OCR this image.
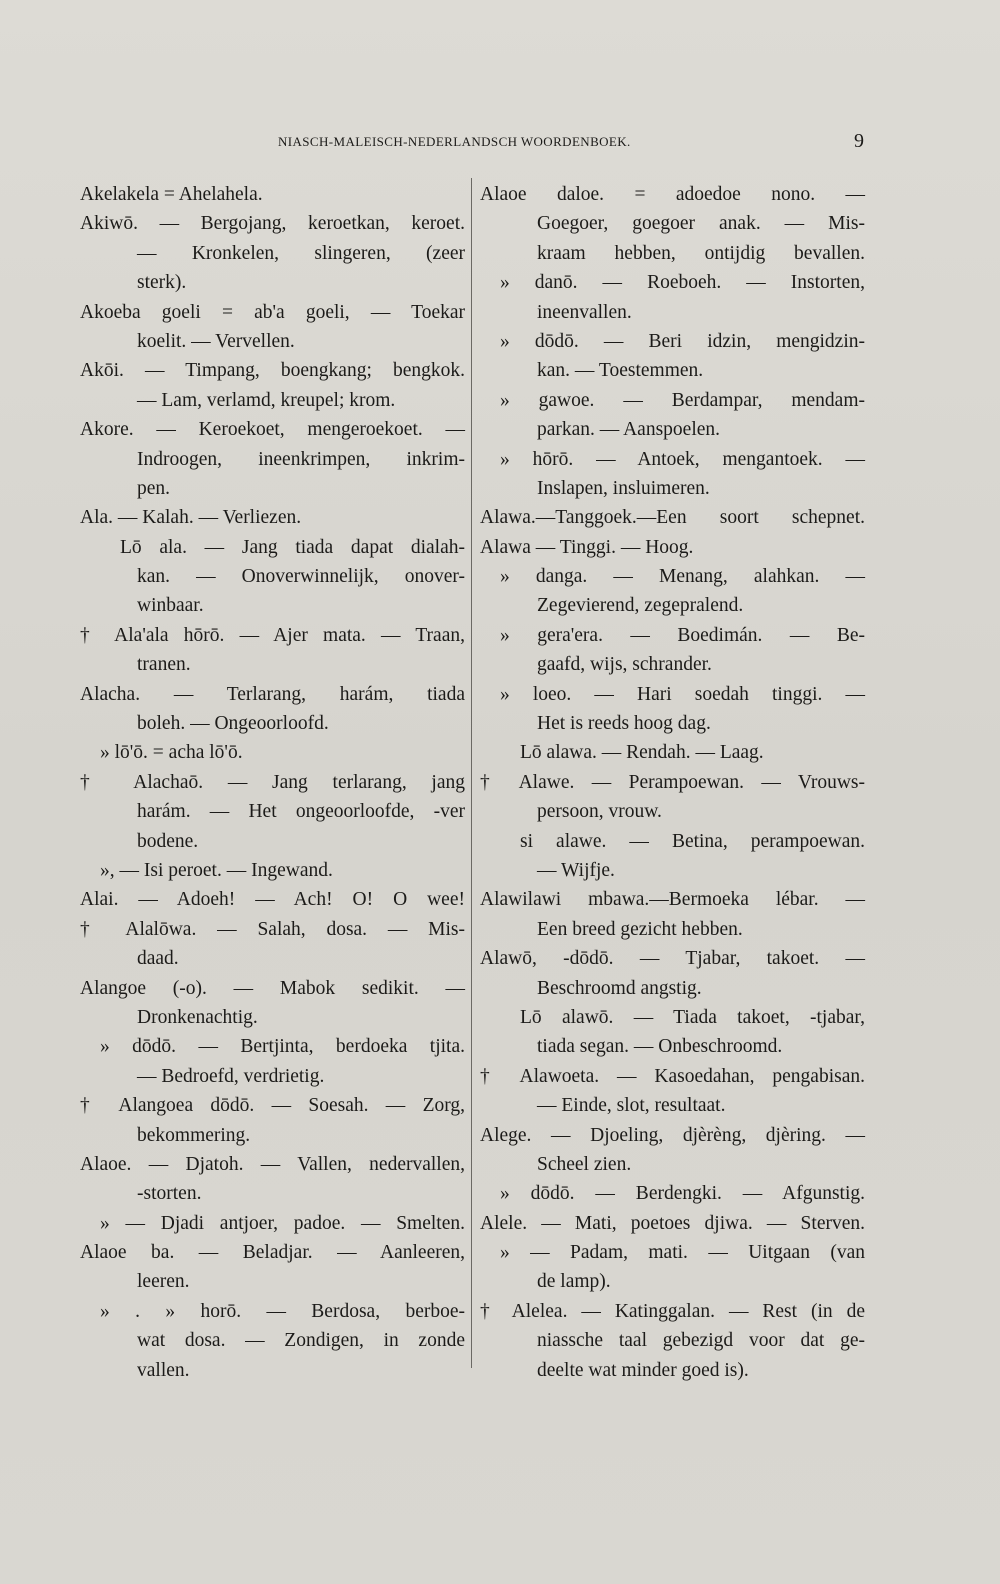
NIASCH-MALEISCH-NEDERLANDSCH WOORDENBOEK.	9
Akelakela = Ahelahela.
Akiwō. — Bergojang, keroetkan, keroet.
— Kronkelen, slingeren, (zeer
sterk).
Akoeba goeli = ab'a goeli, — Toekar
koelit. — Vervellen.
Akōi. — Timpang, boengkang; bengkok.
— Lam, verlamd, kreupel; krom.
Akore. — Keroekoet, mengeroekoet. —
Indroogen, ineenkrimpen, inkrim-
pen.
Ala. — Kalah. — Verliezen.
Lō ala. — Jang tiada dapat dialah-
kan. — Onoverwinnelijk, onover-
winbaar.
† Ala'ala hōrō. — Ajer mata. — Traan,
tranen.
Alacha. — Terlarang, harám, tiada
boleh. — Ongeoorloofd.
» lō'ō. = acha lō'ō.
† Alachaō. — Jang terlarang, jang
harám. — Het ongeoorloofde, -ver
bodene.
», — Isi peroet. — Ingewand.
Alai. — Adoeh! — Ach! O! O wee!
† Alalōwa. — Salah, dosa. — Mis-
daad.
Alangoe (-o). — Mabok sedikit. —
Dronkenachtig.
» dōdō. — Bertjinta, berdoeka tjita.
— Bedroefd, verdrietig.
† Alangoea dōdō. — Soesah. — Zorg,
bekommering.
Alaoe. — Djatoh. — Vallen, nedervallen,
-storten.
» — Djadi antjoer, padoe. — Smelten.
Alaoe ba. — Beladjar. — Aanleeren,
leeren.
» . » horō. — Berdosa, berboe-
wat dosa. — Zondigen, in zonde
vallen.
Alaoe daloe. = adoedoe nono. —
Goegoer, goegoer anak. — Mis-
kraam hebben, ontijdig bevallen.
» danō. — Roeboeh. — Instorten,
ineenvallen.
» dōdō. — Beri idzin, mengidzin-
kan. — Toestemmen.
» gawoe. — Berdampar, mendam-
parkan. — Aanspoelen.
» hōrō. — Antoek, mengantoek. —
Inslapen, insluimeren.
Alawa.—Tanggoek.—Een soort schepnet.
Alawa — Tinggi. — Hoog.
» danga. — Menang, alahkan. —
Zegevierend, zegepralend.
» gera'era. — Boedimán. — Be-
gaafd, wijs, schrander.
» loeo. — Hari soedah tinggi. —
Het is reeds hoog dag.
Lō alawa. — Rendah. — Laag.
† Alawe. — Perampoewan. — Vrouws-
persoon, vrouw.
si alawe. — Betina, perampoewan.
— Wijfje.
Alawilawi mbawa.—Bermoeka lébar. —
Een breed gezicht hebben.
Alawō, -dōdō. — Tjabar, takoet. —
Beschroomd angstig.
Lō alawō. — Tiada takoet, -tjabar,
tiada segan. — Onbeschroomd.
† Alawoeta. — Kasoedahan, pengabisan.
— Einde, slot, resultaat.
Alege. — Djoeling, djèrèng, djèring. —
Scheel zien.
» dōdō. — Berdengki. — Afgunstig.
Alele. — Mati, poetoes djiwa. — Sterven.
» — Padam, mati. — Uitgaan (van
de lamp).
† Alelea. — Katinggalan. — Rest (in de
niassche taal gebezigd voor dat ge-
deelte wat minder goed is).
